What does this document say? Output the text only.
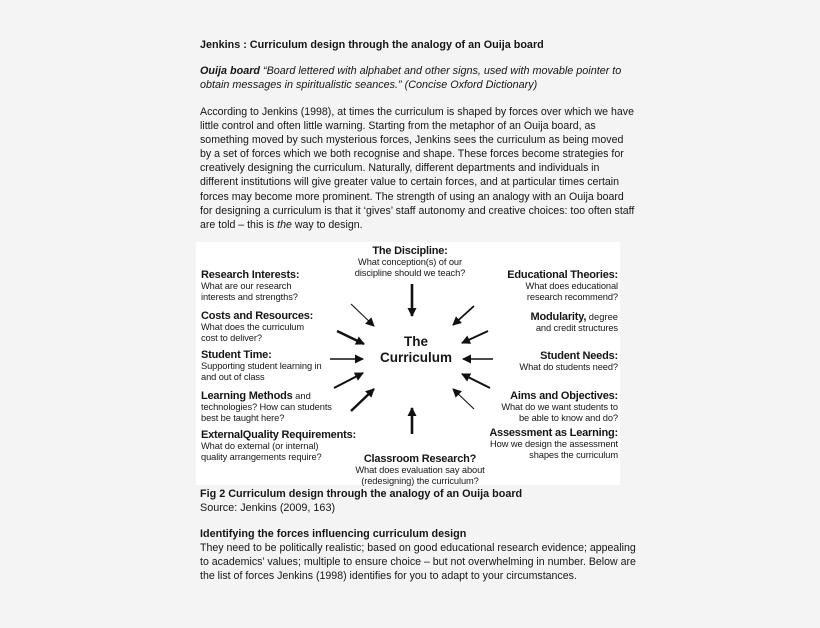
Jenkins : Curriculum design through the analogy of an Ouija board

Ouija board “Board lettered with alphabet and other signs, used with movable pointer to obtain messages in spiritualistic seances.” (Concise Oxford Dictionary)

According to Jenkins (1998), at times the curriculum is shaped by forces over which we have little control and often little warning. Starting from the metaphor of an Ouija board, as something moved by such mysterious forces, Jenkins sees the curriculum as being moved by a set of forces which we both recognise and shape. These forces become strategies for creatively designing the curriculum. Naturally, different departments and individuals in different institutions will give greater value to certain forces, and at particular times certain forces may become more prominent. The strength of using an analogy with an Ouija board for designing a curriculum is that it ‘gives’ staff autonomy and creative choices: too often staff are told – this is the way to design.

The Discipline:
What conception(s) of our discipline should we teach?
Research Interests:
What are our research interests and strengths?
Costs and Resources:
What does the curriculum cost to deliver?
Student Time:
Supporting student learning in and out of class
Learning Methods and
technologies? How can students best be taught here?
ExternalQuality Requirements:
What do external (or internal) quality arrangements require?
Educational Theories:
What does educational research recommend?
Modularity, degree
and credit structures
Student Needs:
What do students need?
Aims and Objectives:
What do we want students to be able to know and do?
Assessment as Learning:
How we design the assessment shapes the curriculum
Classroom Research?
What does evaluation say about (redesigning) the curriculum?
The
Curriculum

Fig 2 Curriculum design through the analogy of an Ouija board

Source: Jenkins (2009, 163)

Identifying the forces influencing curriculum design

They need to be politically realistic; based on good educational research evidence; appealing to academics’ values; multiple to ensure choice – but not overwhelming in number. Below are the list of forces Jenkins (1998) identifies for you to adapt to your circumstances.
